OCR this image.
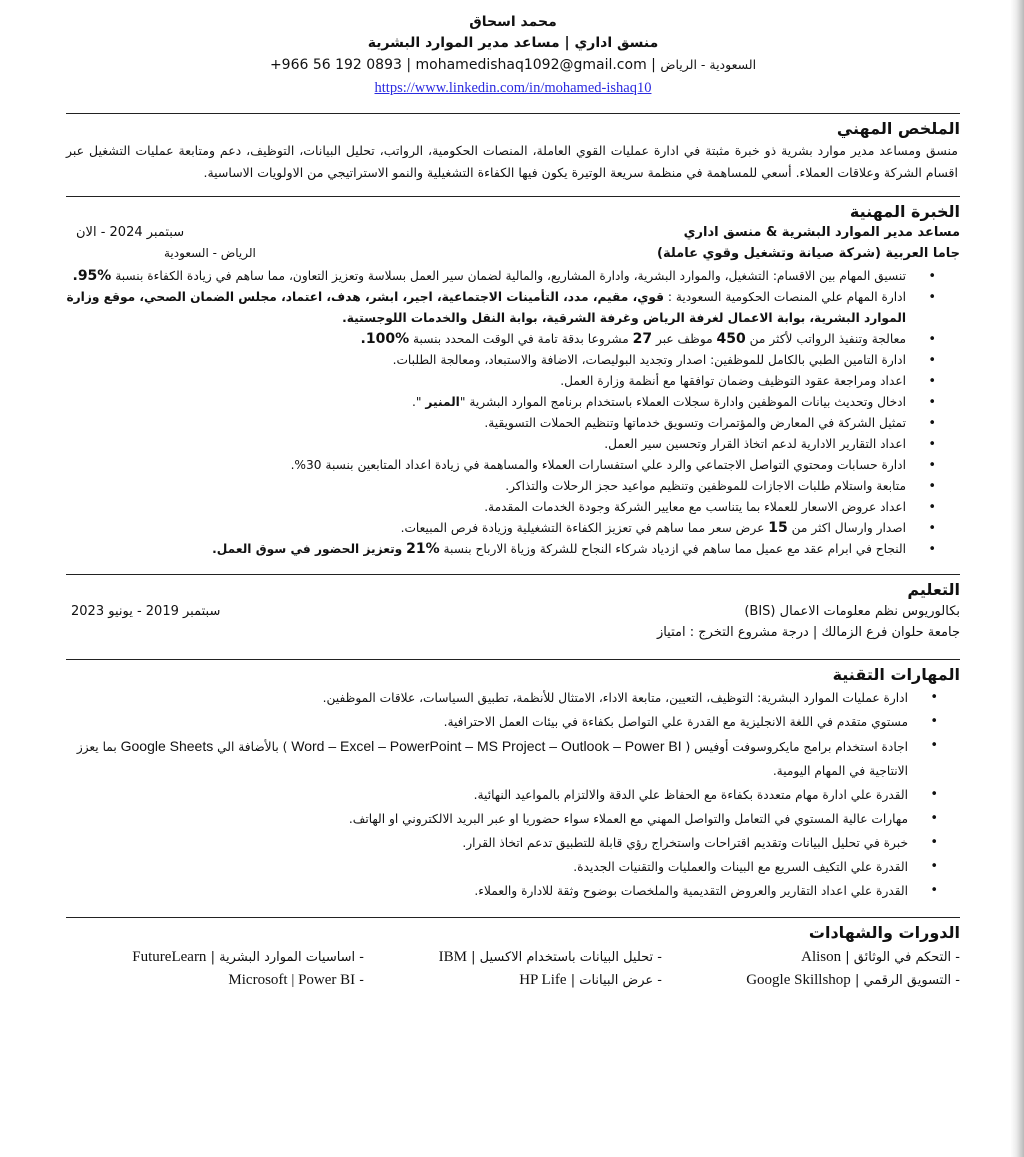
محمد اسحاق
منسق اداري | مساعد مدير الموارد البشرية
+966 56 192 0893 | mohamedishaq1092@gmail.com | السعودية - الرياض
https://www.linkedin.com/in/mohamed-ishaq10
الملخص المهني
منسق ومساعد مدير موارد بشرية ذو خبرة مثبتة في ادارة عمليات القوي العاملة، المنصات الحكومية، الرواتب، تحليل البيانات، التوظيف، دعم ومتابعة عمليات التشغيل عبر اقسام الشركة وعلاقات العملاء. أسعي للمساهمة في منظمة سريعة الوتيرة يكون فيها الكفاءة التشغيلية والنمو الاستراتيجي من الاولويات الاساسية.
الخبرة المهنية
مساعد مدير الموارد البشرية & منسق اداري
سبتمبر 2024 - الان
جاما العربية (شركة صيانة وتشغيل وقوي عاملة)
الرياض - السعودية
• تنسيق المهام بين الاقسام: التشغيل، والموارد البشرية، وادارة المشاريع، والمالية لضمان سير العمل بسلاسة وتعزيز التعاون، مما ساهم في زيادة الكفاءة بنسبة 95%.
• ادارة المهام علي المنصات الحكومية السعودية : قوي، مقيم، مدد، التأمينات الاجتماعية، اجير، ابشر، هدف، اعتماد، مجلس الضمان الصحي، موقع وزارة الموارد البشرية، بوابة الاعمال لغرفة الرياض وغرفة الشرقية، بوابة النقل والخدمات اللوجستية.
• معالجة وتنفيذ الرواتب لأكثر من 450 موظف عبر 27 مشروعا بدقة تامة في الوقت المحدد بنسبة 100%.
• ادارة التامين الطبي بالكامل للموظفين: اصدار وتجديد البوليصات، الاضافة والاستبعاد، ومعالجة الطلبات.
• اعداد ومراجعة عقود التوظيف وضمان توافقها مع أنظمة وزارة العمل.
• ادخال وتحديث بيانات الموظفين وادارة سجلات العملاء باستخدام برنامج الموارد البشرية "المنير ".
• تمثيل الشركة في المعارض والمؤتمرات وتسويق خدماتها وتنظيم الحملات التسويقية.
• اعداد التقارير الادارية لدعم اتخاذ القرار وتحسين سير العمل.
• ادارة حسابات ومحتوي التواصل الاجتماعي والرد علي استفسارات العملاء والمساهمة في زيادة اعداد المتابعين بنسبة 30%.
• متابعة واستلام طلبات الاجازات للموظفين وتنظيم مواعيد حجز الرحلات والتذاكر.
• اعداد عروض الاسعار للعملاء بما يتناسب مع معايير الشركة وجودة الخدمات المقدمة.
• اصدار وارسال اكثر من 15 عرض سعر مما ساهم في تعزيز الكفاءة التشغيلية وزيادة فرص المبيعات.
• النجاح في ابرام عقد مع عميل مما ساهم في ازدياد شركاء النجاح للشركة وزياة الارباح بنسبة 21% وتعزيز الحضور في سوق العمل.
التعليم
بكالوريوس نظم معلومات الاعمال (BIS)
سبتمبر 2019 - يونيو 2023
جامعة حلوان فرع الزمالك | درجة مشروع التخرج : امتياز
المهارات التقنية
• ادارة عمليات الموارد البشرية: التوظيف، التعيين، متابعة الاداء، الامتثال للأنظمة، تطبيق السياسات، علاقات الموظفين.
• مستوي متقدم في اللغة الانجليزية مع القدرة علي التواصل بكفاءة في بيئات العمل الاحترافية.
• اجادة استخدام برامج مايكروسوفت أوفيس ( Word – Excel – PowerPoint – MS Project – Outlook – Power BI ) بالأضافة الي Google Sheets بما يعزز الانتاجية في المهام اليومية.
• القدرة علي ادارة مهام متعددة بكفاءة مع الحفاظ علي الدقة والالتزام بالمواعيد النهائية.
• مهارات عالية المستوي في التعامل والتواصل المهني مع العملاء سواء حضوريا او عبر البريد الالكتروني او الهاتف.
• خبرة في تحليل البيانات وتقديم اقتراحات واستخراج رؤي قابلة للتطبيق تدعم اتخاذ القرار.
• القدرة علي التكيف السريع مع البينات والعمليات والتقنيات الجديدة.
• القدرة علي اعداد التقارير والعروض التقديمية والملخصات بوضوح وثقة للادارة والعملاء.
الدورات والشهادات
- التحكم في الوثائق | Alison
- تحليل البيانات باستخدام الاكسيل | IBM
- اساسيات الموارد البشرية | FutureLearn
- التسويق الرقمي | Google Skillshop
- عرض البيانات | HP Life
- Microsoft | Power BI
